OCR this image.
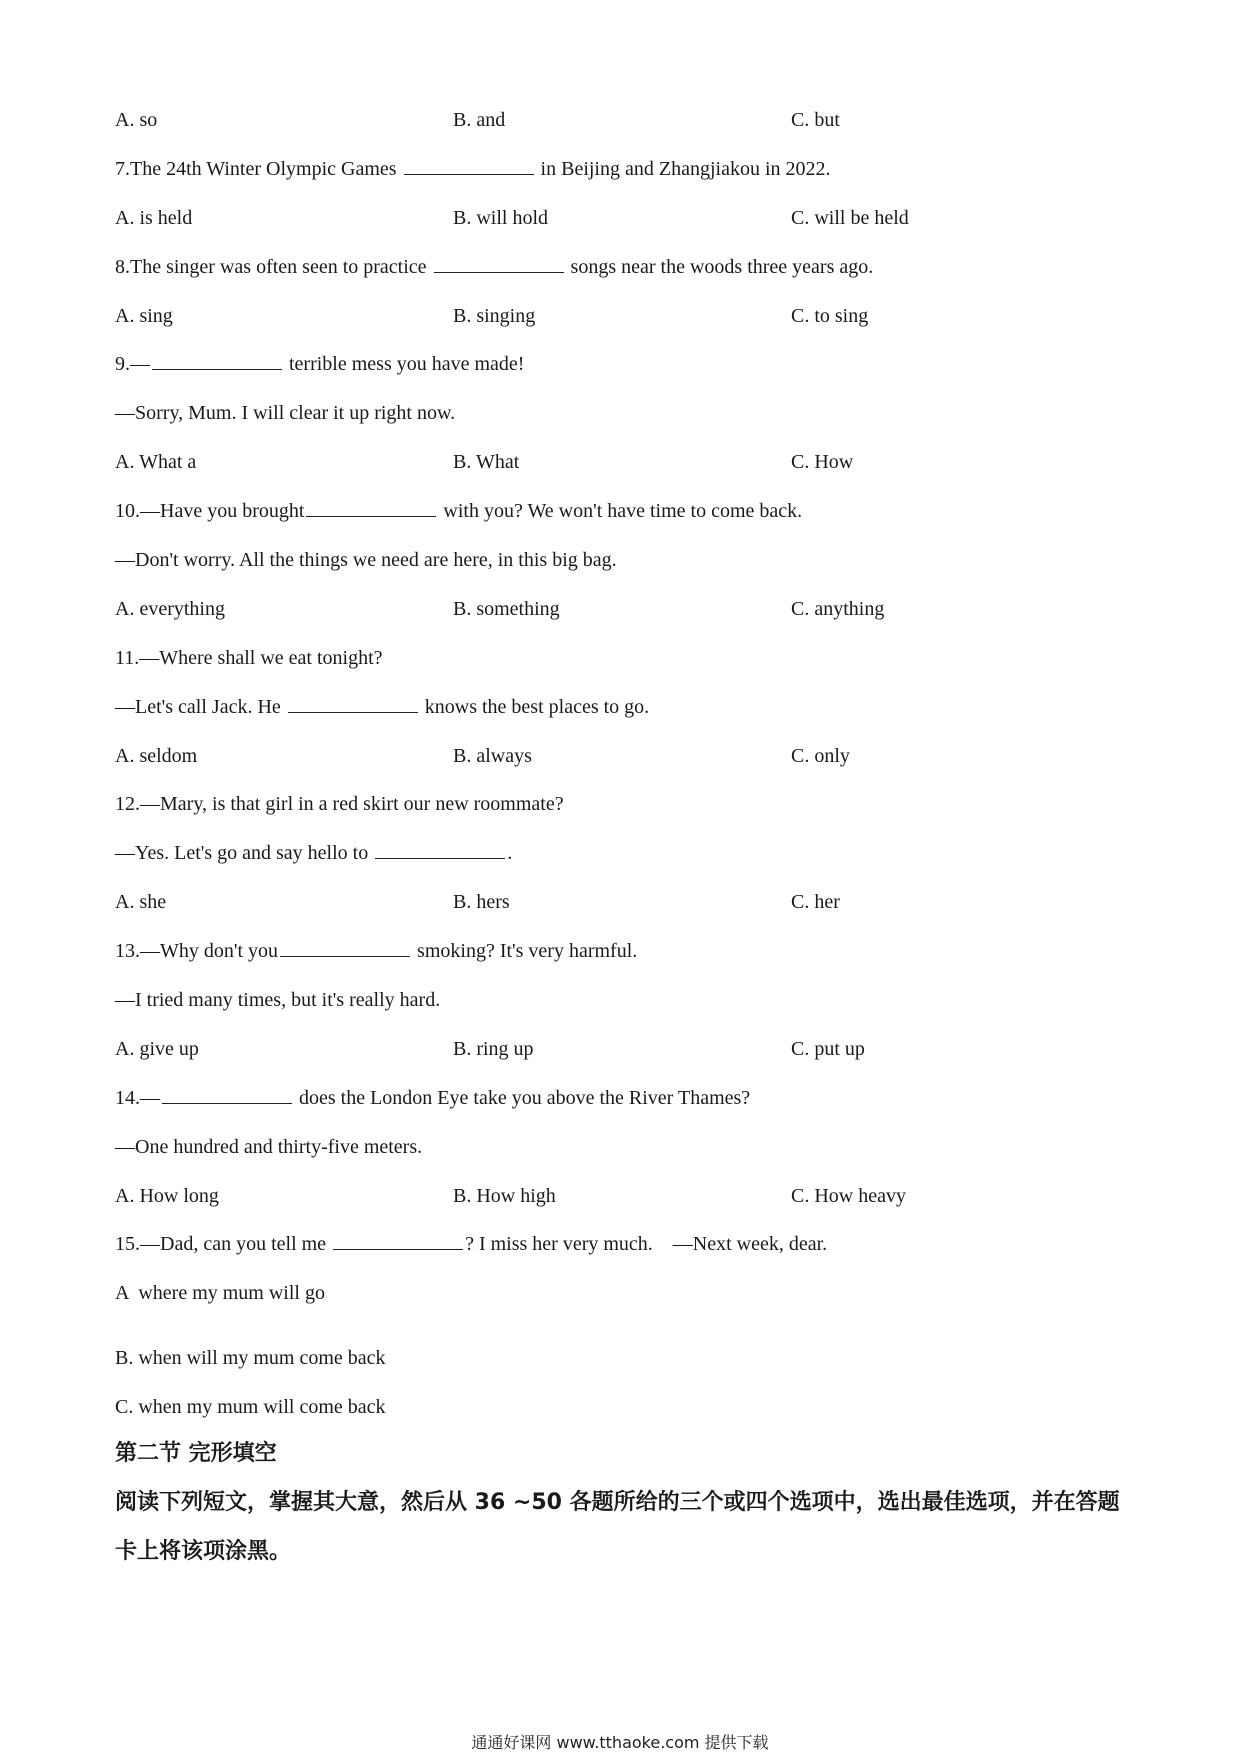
A. so	B. and	C. but
7.The 24th Winter Olympic Games	in Beijing and Zhangjiakou in 2022.
A. is held	B. will hold	C. will be held
8.The singer was often seen to practice	songs near the woods three years ago.
A. sing	B. singing	C. to sing
9.—	terrible mess you have made!
—Sorry, Mum. I will clear it up right now.
A. What a	B. What	C. How
10.—Have you brought	with you? We won't have time to come back.
—Don't worry. All the things we need are here, in this big bag.
A. everything	B. something	C. anything
11.—Where shall we eat tonight?
—Let's call Jack. He	knows the best places to go.
A. seldom	B. always	C. only
12.—Mary, is that girl in a red skirt our new roommate?
—Yes. Let's go and say hello to	.
A. she	B. hers	C. her
13.—Why don't you	smoking? It's very harmful.
—I tried many times, but it's really hard.
A. give up	B. ring up	C. put up
14.—	does the London Eye take you above the River Thames?
—One hundred and thirty-five meters.
A. How long	B. How high	C. How heavy
15.—Dad, can you tell me	? I miss her very much.    —Next week, dear.
A  where my mum will go
B. when will my mum come back
C. when my mum will come back
第二节 完形填空
阅读下列短文，掌握其大意，然后从 36 ~50 各题所给的三个或四个选项中，选出最佳选项，并在答题卡上将该项涂黑。
通通好课网 www.tthaoke.com 提供下载
